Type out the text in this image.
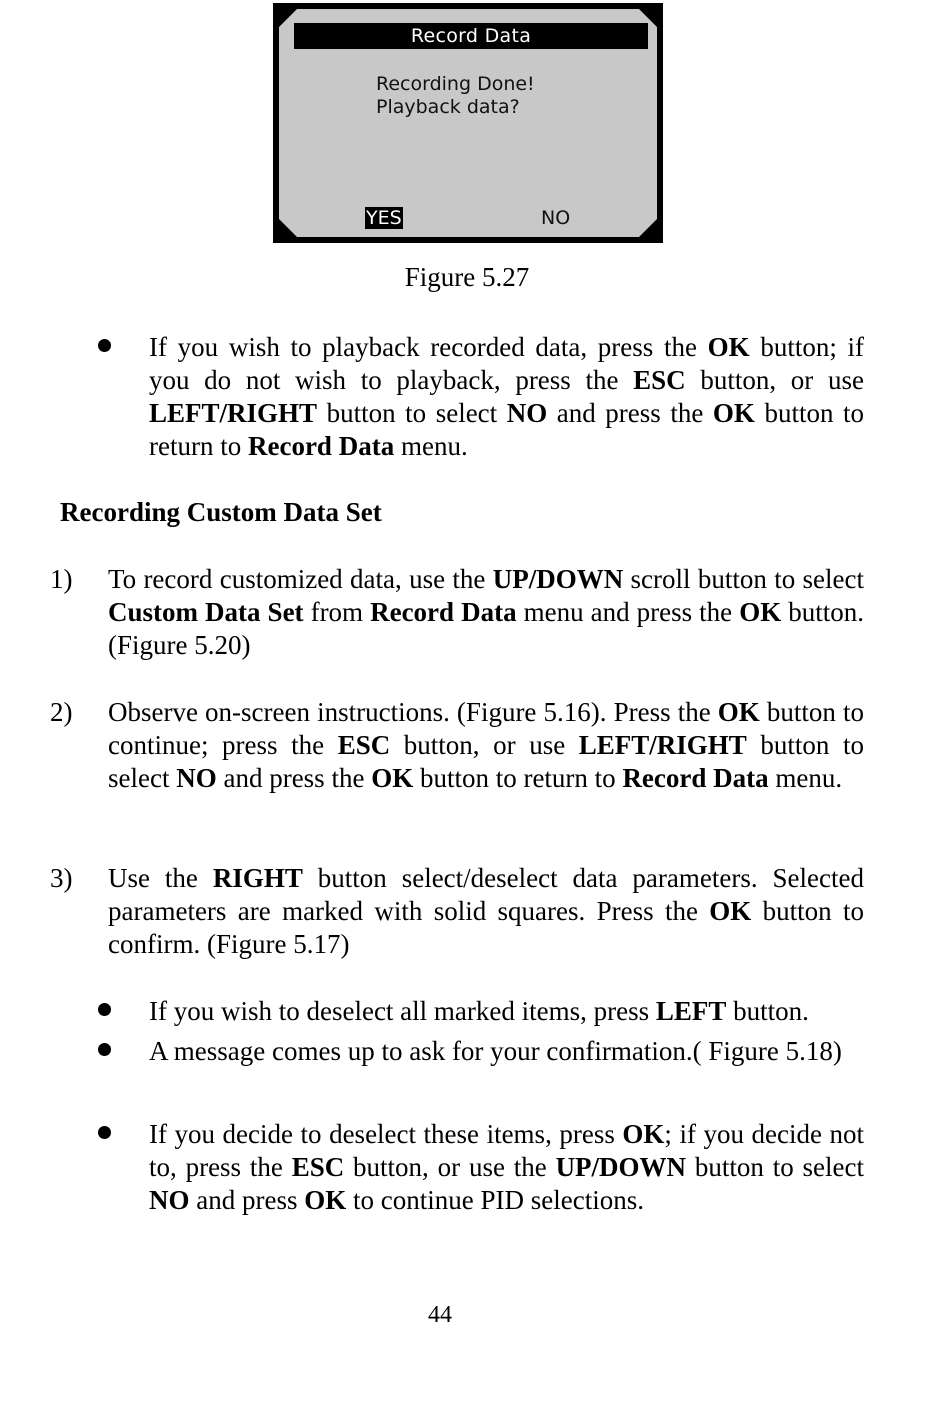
Record Data
Recording Done!
Playback data?
YES	NO
Figure 5.27
If you wish to playback recorded data, press the OK button; if you do not wish to playback, press the ESC button, or use LEFT/RIGHT button to select NO and press the OK button to return to Record Data menu.
Recording Custom Data Set
1) To record customized data, use the UP/DOWN scroll button to select Custom Data Set from Record Data menu and press the OK button. (Figure 5.20)
2) Observe on-screen instructions. (Figure 5.16). Press the OK button to continue; press the ESC button, or use LEFT/RIGHT button to select NO and press the OK button to return to Record Data menu.
3) Use the RIGHT button select/deselect data parameters. Selected parameters are marked with solid squares. Press the OK button to confirm. (Figure 5.17)
If you wish to deselect all marked items, press LEFT button.
A message comes up to ask for your confirmation.( Figure 5.18)
If you decide to deselect these items, press OK; if you decide not to, press the ESC button, or use the UP/DOWN button to select NO and press OK to continue PID selections.
44
